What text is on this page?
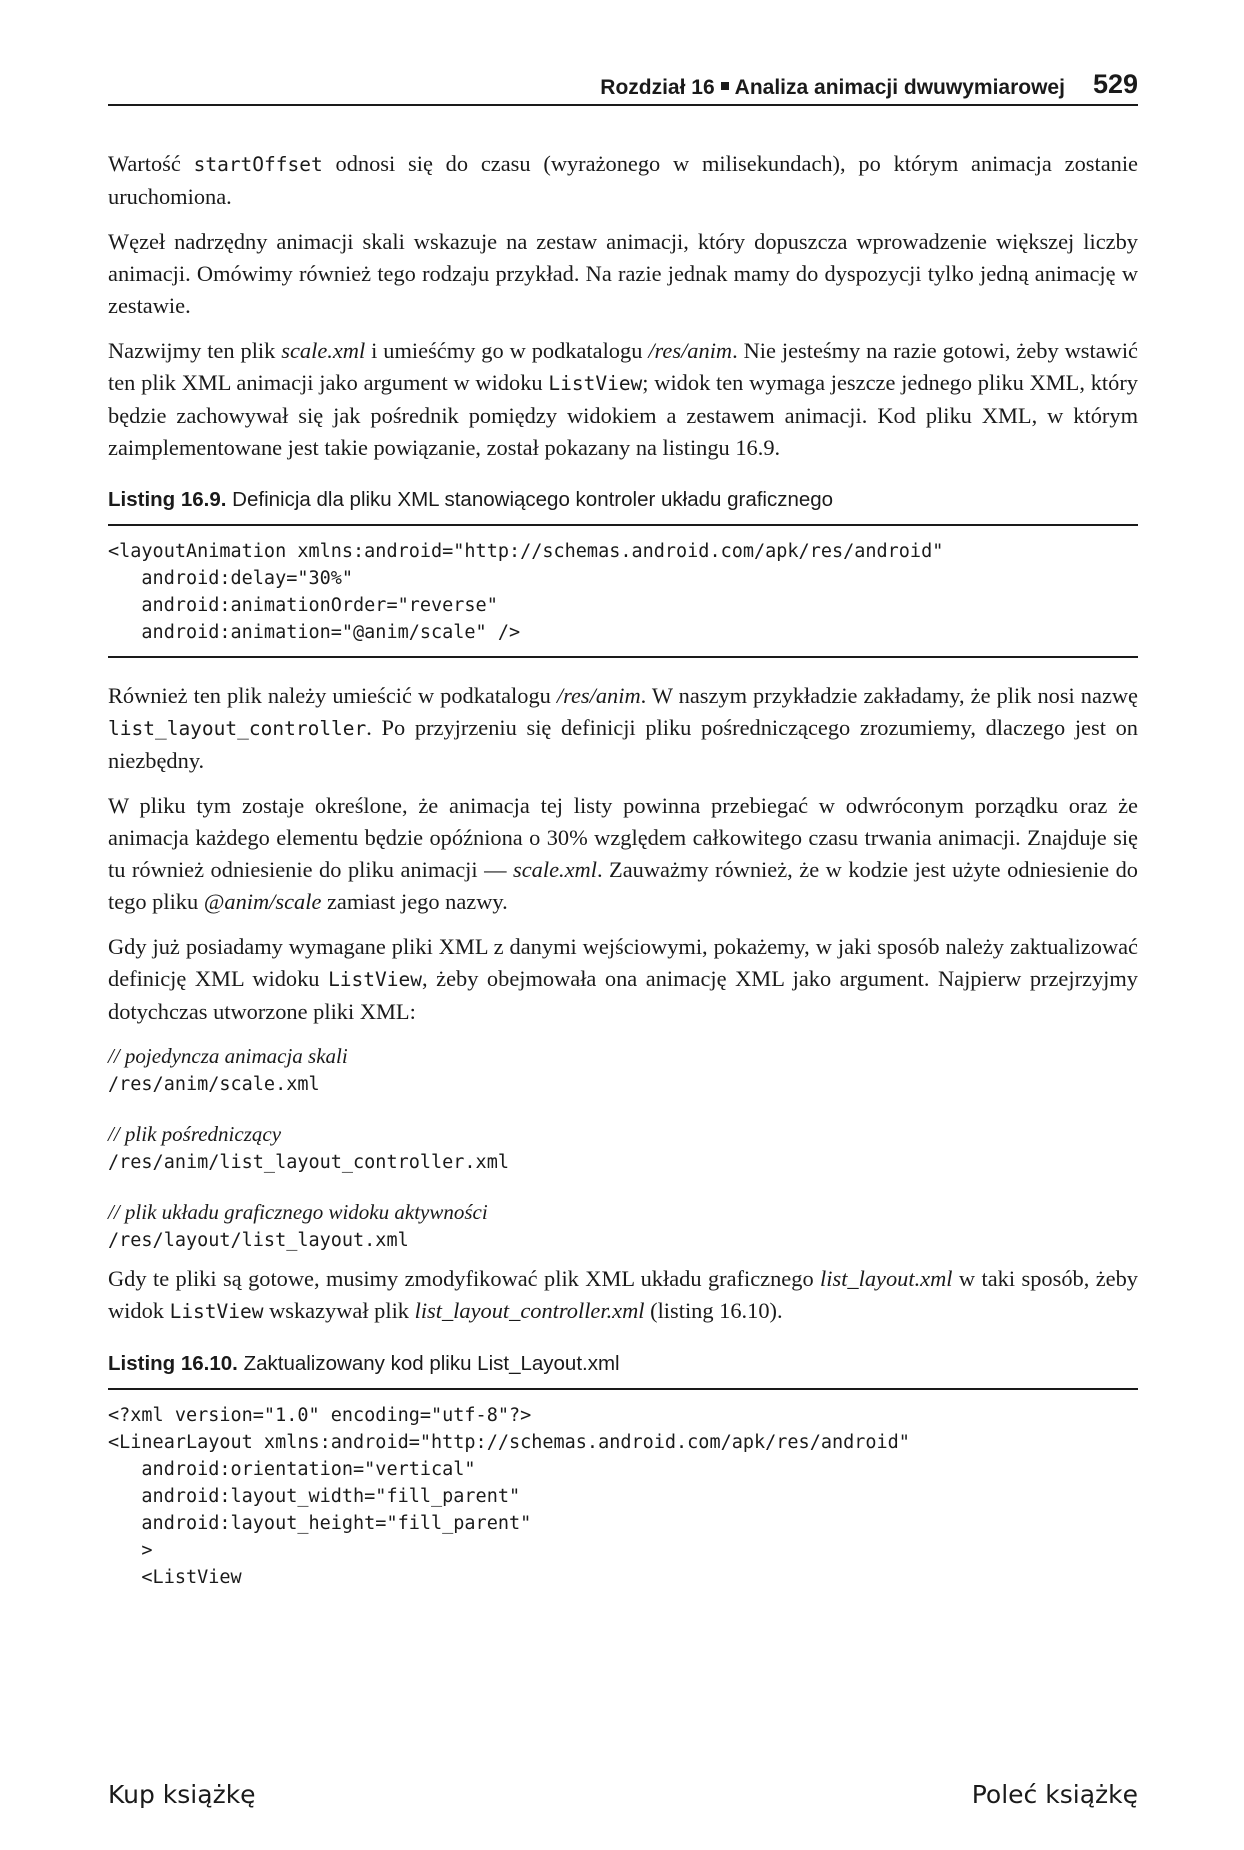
Rozdział 16 Analiza animacji dwuwymiarowej 529

Wartość startOffset odnosi się do czasu (wyrażonego w milisekundach), po którym animacja zostanie uruchomiona.

Węzeł nadrzędny animacji skali wskazuje na zestaw animacji, który dopuszcza wprowadzenie większej liczby animacji. Omówimy również tego rodzaju przykład. Na razie jednak mamy do dyspozycji tylko jedną animację w zestawie.

Nazwijmy ten plik scale.xml i umieśćmy go w podkatalogu /res/anim. Nie jesteśmy na razie gotowi, żeby wstawić ten plik XML animacji jako argument w widoku ListView; widok ten wymaga jeszcze jednego pliku XML, który będzie zachowywał się jak pośrednik pomiędzy widokiem a zestawem animacji. Kod pliku XML, w którym zaimplementowane jest takie powiązanie, został pokazany na listingu 16.9.

Listing 16.9. Definicja dla pliku XML stanowiącego kontroler układu graficznego
<layoutAnimation xmlns:android="http://schemas.android.com/apk/res/android"
android:delay="30%"
android:animationOrder="reverse"
android:animation="@anim/scale" />

Również ten plik należy umieścić w podkatalogu /res/anim. W naszym przykładzie zakładamy, że plik nosi nazwę list_layout_controller. Po przyjrzeniu się definicji pliku pośredniczącego zrozumiemy, dlaczego jest on niezbędny.

W pliku tym zostaje określone, że animacja tej listy powinna przebiegać w odwróconym porządku oraz że animacja każdego elementu będzie opóźniona o 30% względem całkowitego czasu trwania animacji. Znajduje się tu również odniesienie do pliku animacji — scale.xml. Zauważmy również, że w kodzie jest użyte odniesienie do tego pliku @anim/scale zamiast jego nazwy.

Gdy już posiadamy wymagane pliki XML z danymi wejściowymi, pokażemy, w jaki sposób należy zaktualizować definicję XML widoku ListView, żeby obejmowała ona animację XML jako argument. Najpierw przejrzyjmy dotychczas utworzone pliki XML:

// pojedyncza animacja skali
/res/anim/scale.xml
// plik pośredniczący
/res/anim/list_layout_controller.xml
// plik układu graficznego widoku aktywności
/res/layout/list_layout.xml

Gdy te pliki są gotowe, musimy zmodyfikować plik XML układu graficznego list_layout.xml w taki sposób, żeby widok ListView wskazywał plik list_layout_controller.xml (listing 16.10).

Listing 16.10. Zaktualizowany kod pliku List_Layout.xml
<?xml version="1.0" encoding="utf-8"?>
<LinearLayout xmlns:android="http://schemas.android.com/apk/res/android"
android:orientation="vertical"
android:layout_width="fill_parent"
android:layout_height="fill_parent"
>
<ListView
Kup książkę	Poleć książkę
